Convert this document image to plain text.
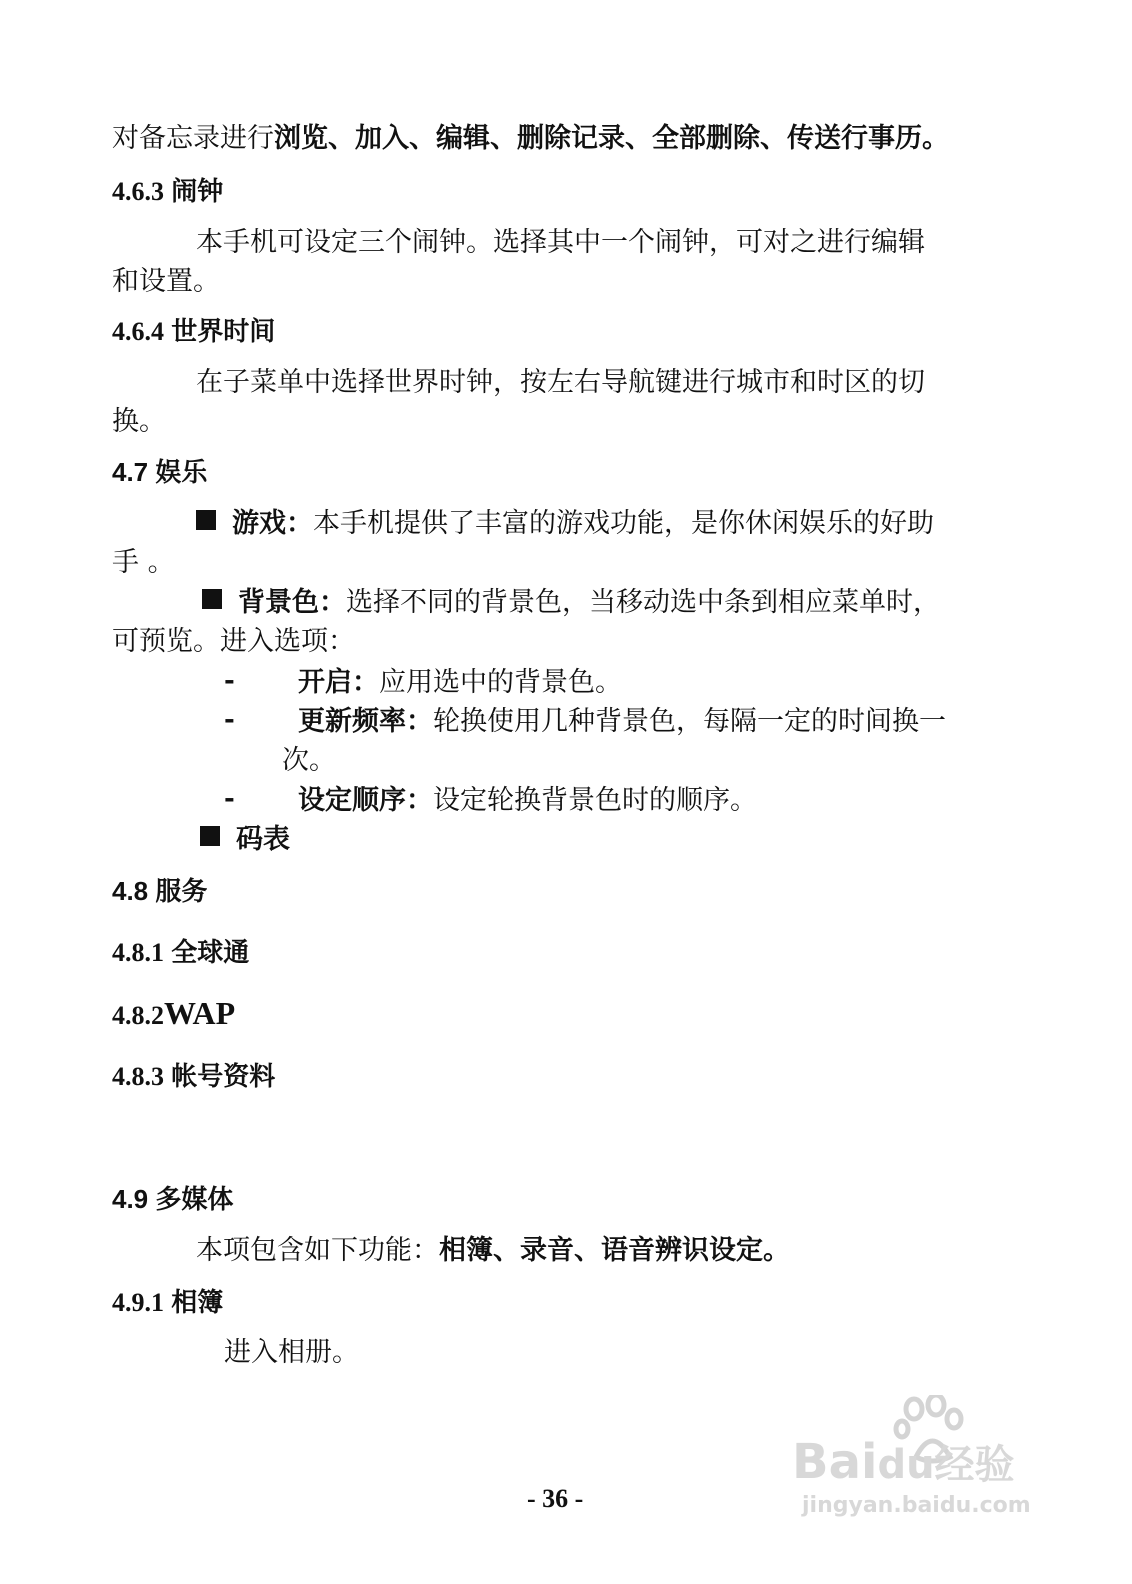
对备忘录进行浏览、加入、编辑、删除记录、全部删除、传送行事历。
4.6.3 闹钟
本手机可设定三个闹钟。选择其中一个闹钟，可对之进行编辑
和设置。
4.6.4 世界时间
在子菜单中选择世界时钟，按左右导航键进行城市和时区的切
换。
4.7 娱乐
游戏：本手机提供了丰富的游戏功能，是你休闲娱乐的好助
手 。
背景色：选择不同的背景色，当移动选中条到相应菜单时，
可预览。进入选项：
- 开启：应用选中的背景色。
- 更新频率：轮换使用几种背景色，每隔一定的时间换一
次。
- 设定顺序：设定轮换背景色时的顺序。
码表
4.8 服务
4.8.1 全球通
4.8.2WAP
4.8.3 帐号资料
4.9 多媒体
本项包含如下功能：相簿、录音、语音辨识设定。
4.9.1 相簿
进入相册。
- 36 -
Baidu经验
jingyan.baidu.com
